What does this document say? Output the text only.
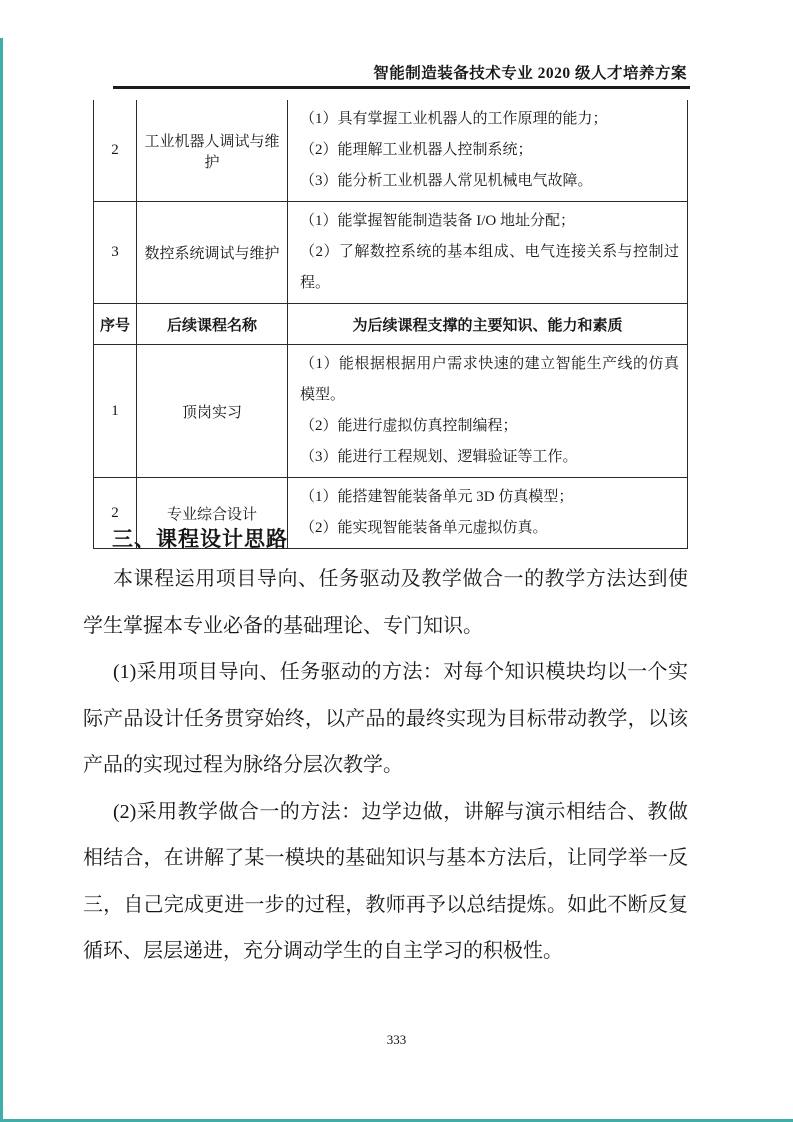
智能制造装备技术专业 2020 级人才培养方案
2	工业机器人调试与维护	（1）具有掌握工业机器人的工作原理的能力；
（2）能理解工业机器人控制系统；
（3）能分析工业机器人常见机械电气故障。

3	数控系统调试与维护	（1）能掌握智能制造装备 I/O 地址分配；
（2）了解数控系统的基本组成、电气连接关系与控制过程。

序号	后续课程名称	为后续课程支撑的主要知识、能力和素质
1	顶岗实习	（1）能根据根据用户需求快速的建立智能生产线的仿真模型。
（2）能进行虚拟仿真控制编程；
（3）能进行工程规划、逻辑验证等工作。

2	专业综合设计	（1）能搭建智能装备单元 3D 仿真模型；
（2）能实现智能装备单元虚拟仿真。
三、课程设计思路

本课程运用项目导向、任务驱动及教学做合一的教学方法达到使学生掌握本专业必备的基础理论、专门知识。

(1)采用项目导向、任务驱动的方法：对每个知识模块均以一个实际产品设计任务贯穿始终，以产品的最终实现为目标带动教学，以该产品的实现过程为脉络分层次教学。

(2)采用教学做合一的方法：边学边做，讲解与演示相结合、教做相结合，在讲解了某一模块的基础知识与基本方法后，让同学举一反三，自己完成更进一步的过程，教师再予以总结提炼。如此不断反复循环、层层递进，充分调动学生的自主学习的积极性。

333
